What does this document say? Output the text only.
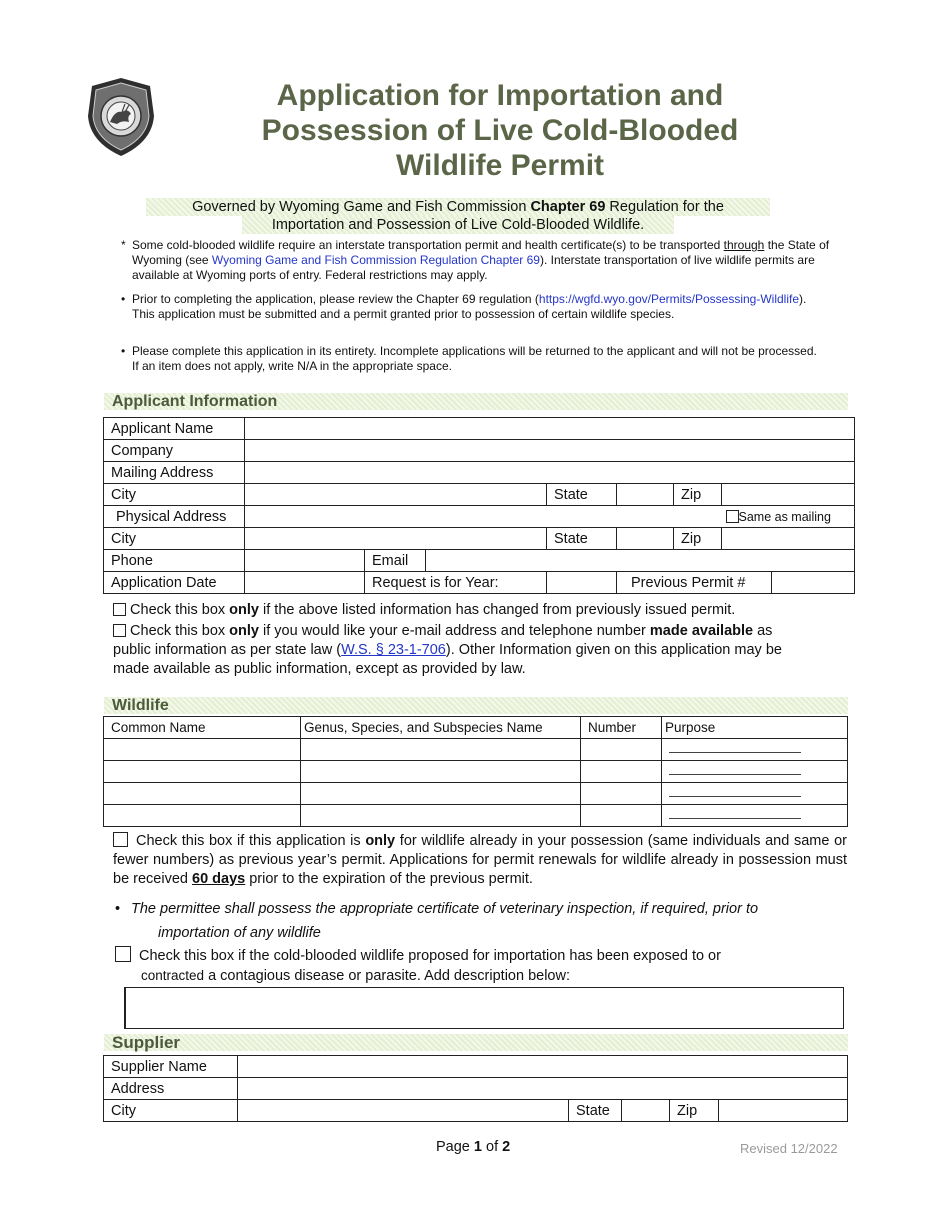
Application for Importation and
Possession of Live Cold-Blooded
Wildlife Permit
Governed by Wyoming Game and Fish Commission Chapter 69 Regulation for the
Importation and Possession of Live Cold-Blooded Wildlife.
* Some cold-blooded wildlife require an interstate transportation permit and health certificate(s) to be transported through the State of Wyoming (see Wyoming Game and Fish Commission Regulation Chapter 69). Interstate transportation of live wildlife permits are available at Wyoming ports of entry. Federal restrictions may apply.
• Prior to completing the application, please review the Chapter 69 regulation (https://wgfd.wyo.gov/Permits/Possessing-Wildlife).
This application must be submitted and a permit granted prior to possession of certain wildlife species.
• Please complete this application in its entirety. Incomplete applications will be returned to the applicant and will not be processed.
If an item does not apply, write N/A in the appropriate space.
Applicant Information
Applicant Name								
Company								
Mailing Address								
City				State		Zip		
Physical Address							Same as mailing	
City				State		Zip		
Phone		Email						
Application Date		Request is for Year:			Previous Permit #			
Check this box only if the above listed information has changed from previously issued permit.
Check this box only if you would like your e-mail address and telephone number made available as
public information as per state law (W.S. § 23-1-706). Other Information given on this application may be
made available as public information, except as provided by law.
Wildlife
Common Name	Genus, Species, and Subspecies Name	Number	Purpose

Check this box if this application is only for wildlife already in your possession (same individuals and same or fewer numbers) as previous year’s permit. Applications for permit renewals for wildlife already in possession must be received 60 days prior to the expiration of the previous permit.
• The permittee shall possess the appropriate certificate of veterinary inspection, if required, prior to
importation of any wildlife
Check this box if the cold-blooded wildlife proposed for importation has been exposed to or
contracted a contagious disease or parasite. Add description below:
Supplier
Supplier Name					
Address					
City		State		Zip	
Page 1 of 2	Revised 12/2022
